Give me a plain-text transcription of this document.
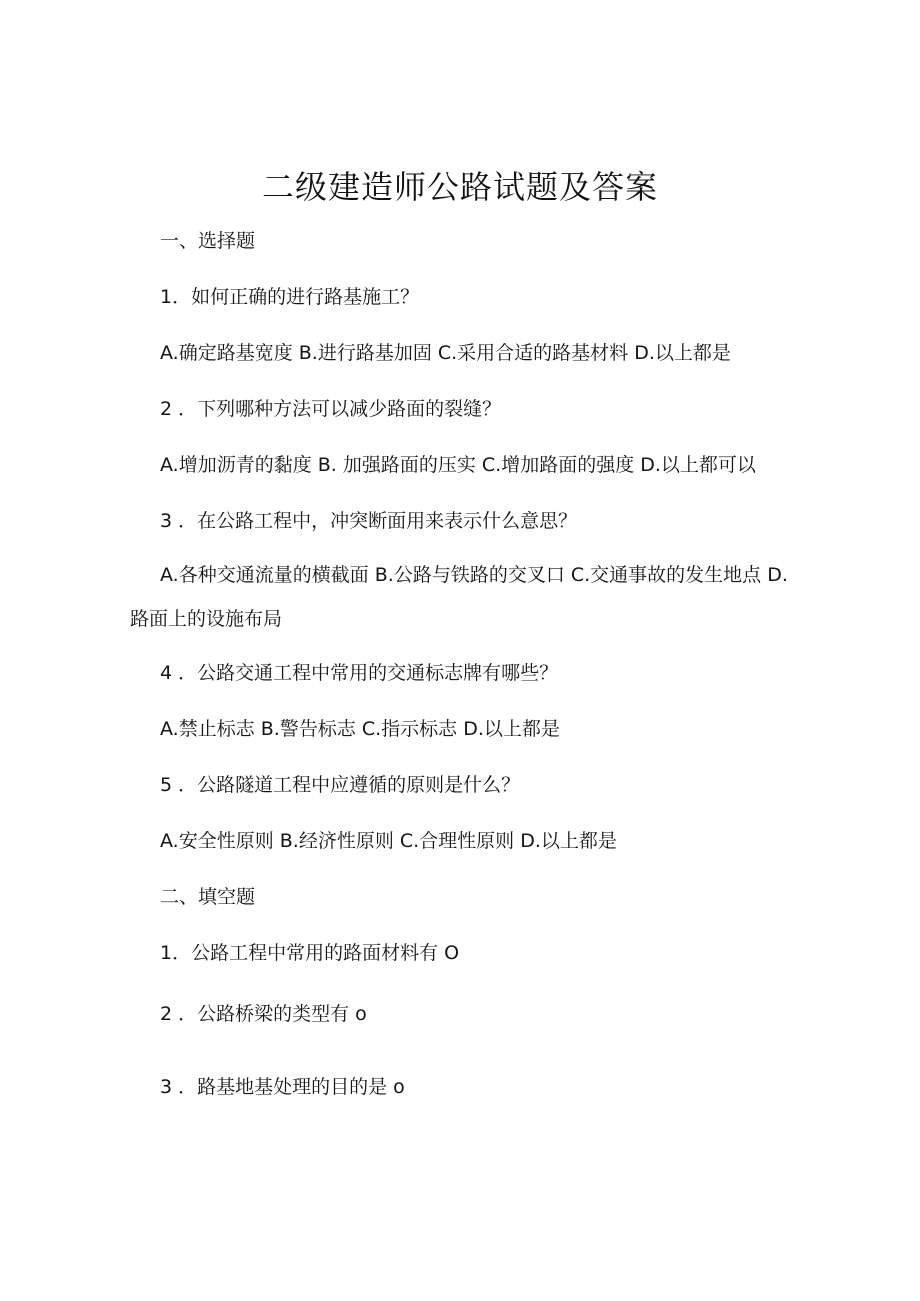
二级建造师公路试题及答案
一、选择题
1．如何正确的进行路基施工？
A.确定路基宽度 B.进行路基加固 C.采用合适的路基材料 D.以上都是
2 ．下列哪种方法可以减少路面的裂缝？
A.增加沥青的黏度 B. 加强路面的压实 C.增加路面的强度 D.以上都可以
3 ．在公路工程中，冲突断面用来表示什么意思？
A.各种交通流量的横截面 B.公路与铁路的交叉口 C.交通事故的发生地点 D.路面上的设施布局
4 ．公路交通工程中常用的交通标志牌有哪些？
A.禁止标志 B.警告标志 C.指示标志 D.以上都是
5 ．公路隧道工程中应遵循的原则是什么？
A.安全性原则 B.经济性原则 C.合理性原则 D.以上都是
二、填空题
1．公路工程中常用的路面材料有 O
2 ．公路桥梁的类型有 o
3 ．路基地基处理的目的是 o
